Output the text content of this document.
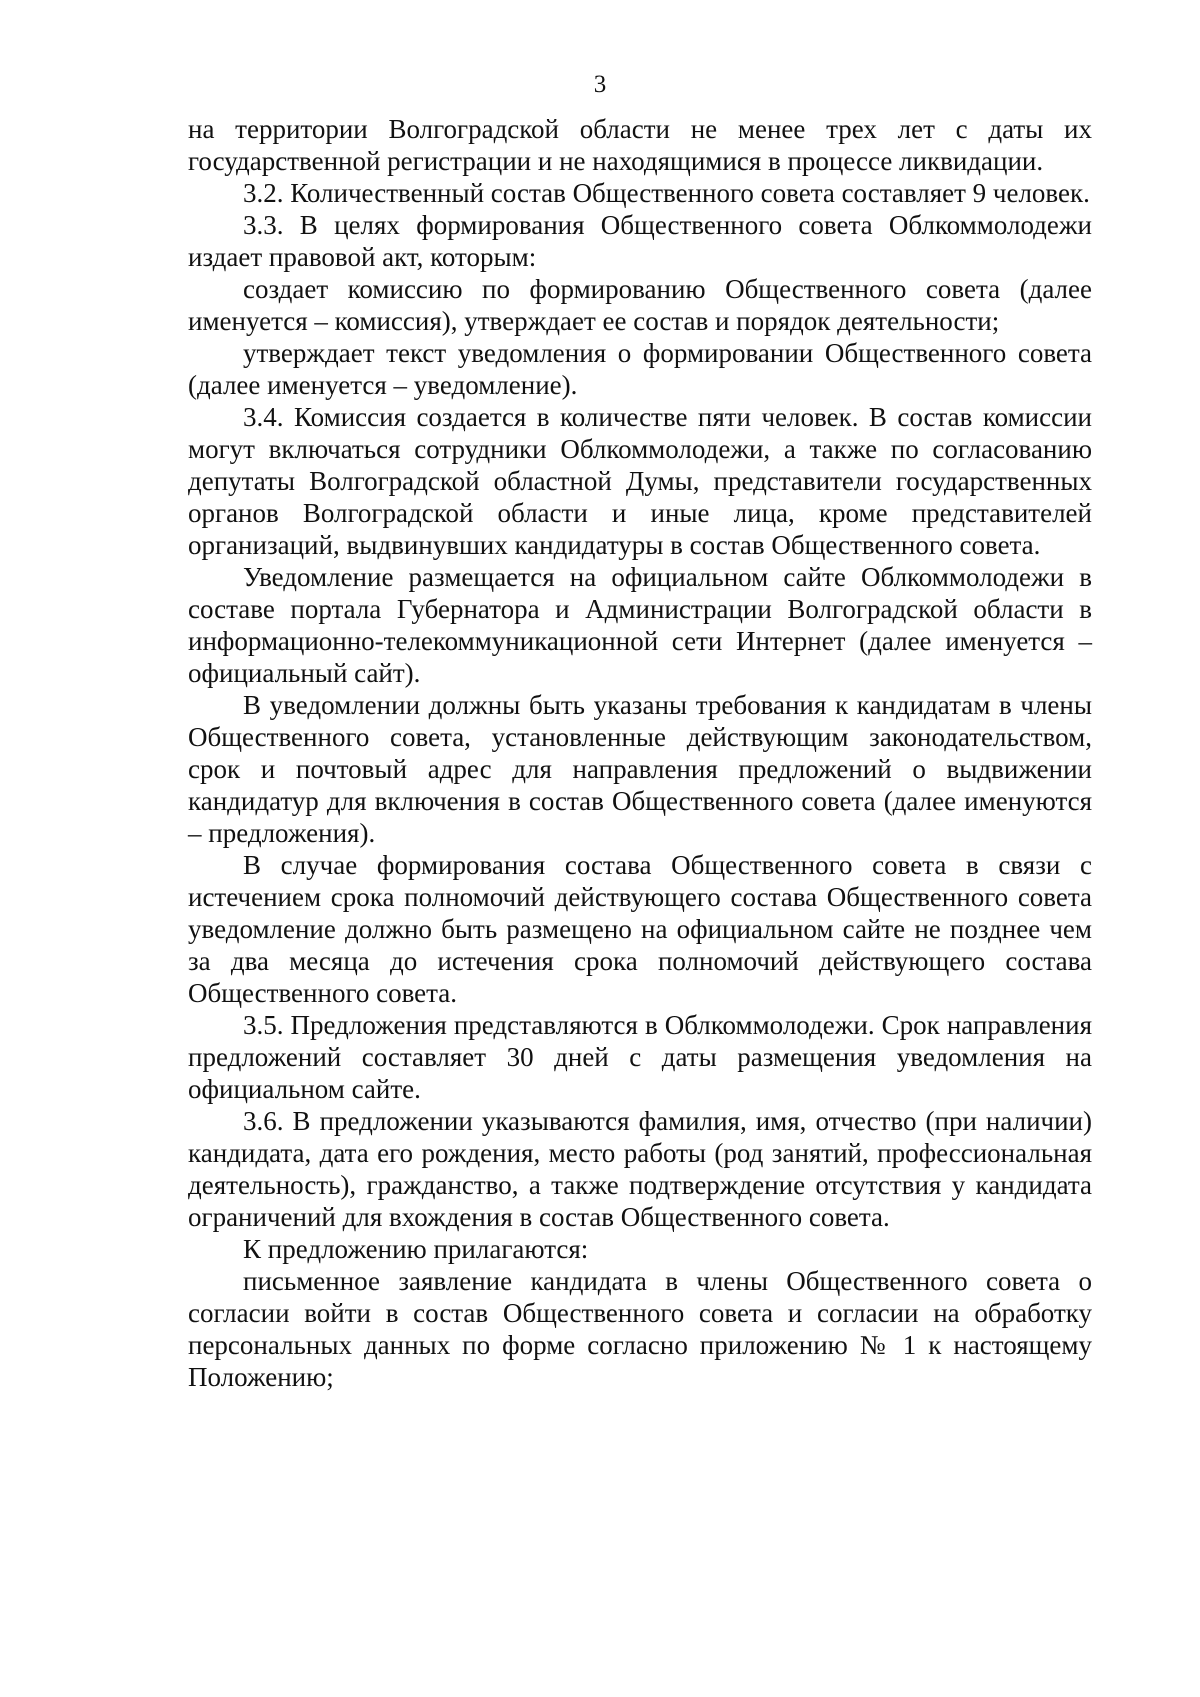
3

на территории Волгоградской области не менее трех лет с даты их государственной регистрации и не находящимися в процессе ликвидации.

3.2. Количественный состав Общественного совета составляет 9 человек.

3.3. В целях формирования Общественного совета Облкоммолодежи издает правовой акт, которым:

создает комиссию по формированию Общественного совета (далее именуется – комиссия), утверждает ее состав и порядок деятельности;

утверждает текст уведомления о формировании Общественного совета (далее именуется – уведомление).

3.4. Комиссия создается в количестве пяти человек. В состав комиссии могут включаться сотрудники Облкоммолодежи, а также по согласованию депутаты Волгоградской областной Думы, представители государственных органов Волгоградской области и иные лица, кроме представителей организаций, выдвинувших кандидатуры в состав Общественного совета.

Уведомление размещается на официальном сайте Облкоммолодежи в составе портала Губернатора и Администрации Волгоградской области в информационно-телекоммуникационной сети Интернет (далее именуется – официальный сайт).

В уведомлении должны быть указаны требования к кандидатам в члены Общественного совета, установленные действующим законодательством, срок и почтовый адрес для направления предложений о выдвижении кандидатур для включения в состав Общественного совета (далее именуются – предложения).

В случае формирования состава Общественного совета в связи с истечением срока полномочий действующего состава Общественного совета уведомление должно быть размещено на официальном сайте не позднее чем за два месяца до истечения срока полномочий действующего состава Общественного совета.

3.5. Предложения представляются в Облкоммолодежи. Срок направления предложений составляет 30 дней с даты размещения уведомления на официальном сайте.

3.6. В предложении указываются фамилия, имя, отчество (при наличии) кандидата, дата его рождения, место работы (род занятий, профессиональная деятельность), гражданство, а также подтверждение отсутствия у кандидата ограничений для вхождения в состав Общественного совета.

К предложению прилагаются:

письменное заявление кандидата в члены Общественного совета о согласии войти в состав Общественного совета и согласии на обработку персональных данных по форме согласно приложению № 1 к настоящему Положению;
